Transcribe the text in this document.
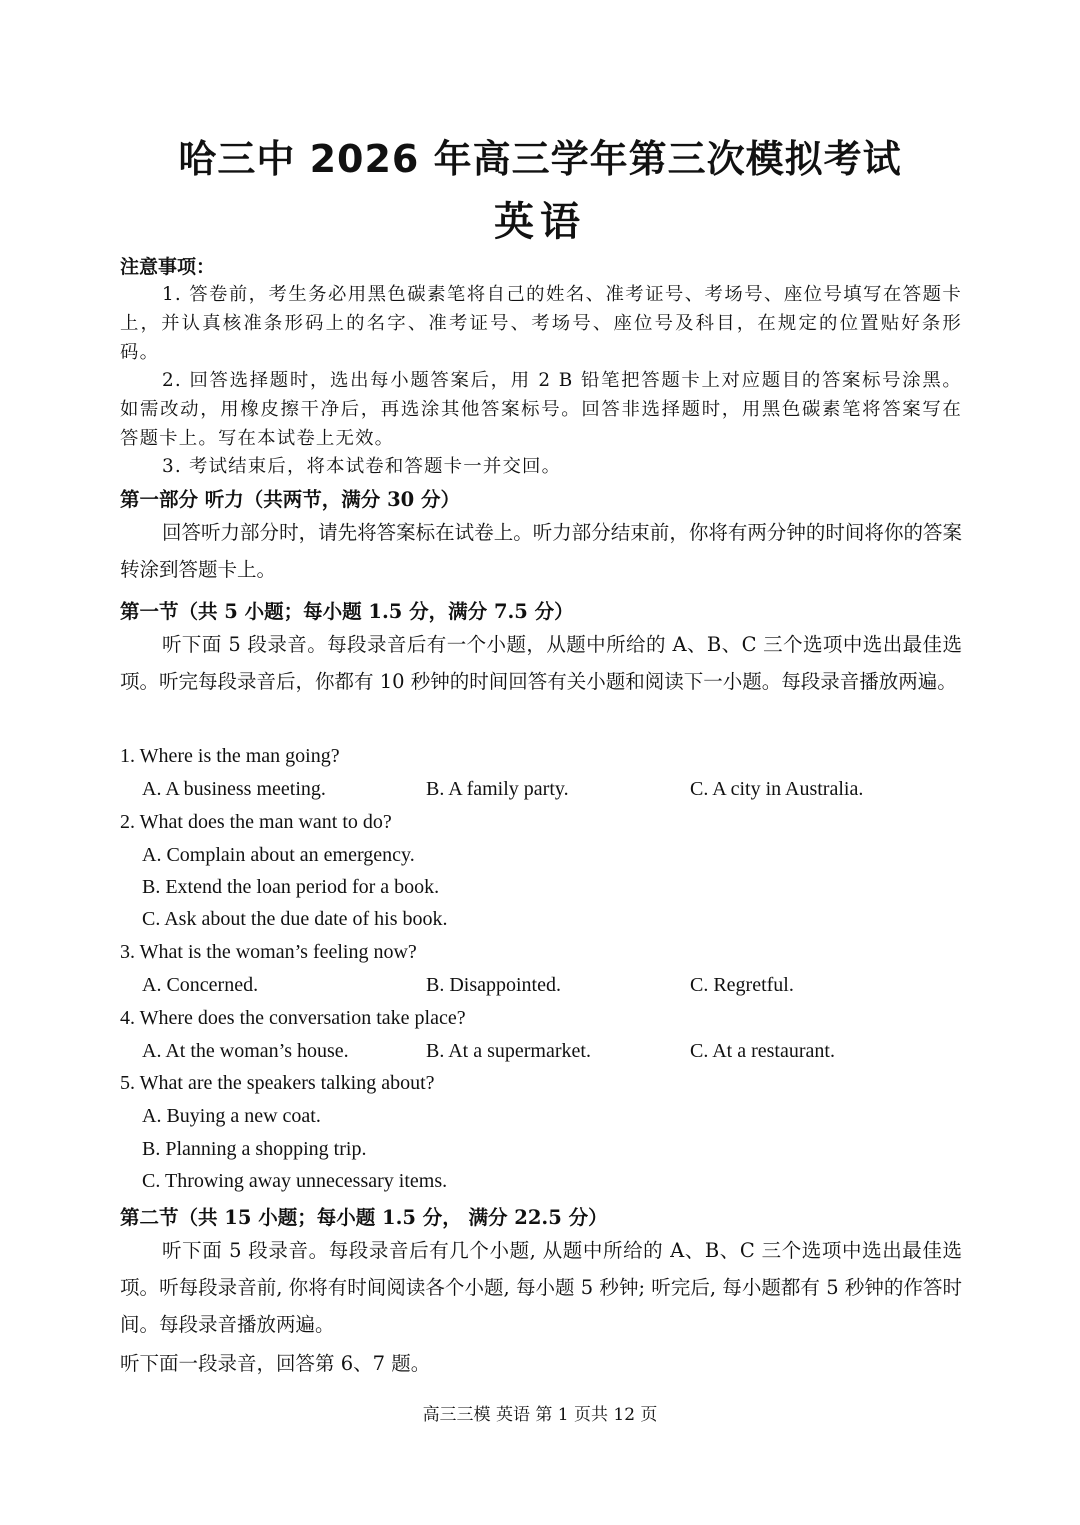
哈三中 2026 年高三学年第三次模拟考试
英语
注意事项：

1. 答卷前，考生务必用黑色碳素笔将自己的姓名、准考证号、考场号、座位号填写在答题卡上，并认真核准条形码上的名字、准考证号、考场号、座位号及科目，在规定的位置贴好条形码。

2. 回答选择题时，选出每小题答案后，用 2 B 铅笔把答题卡上对应题目的答案标号涂黑。如需改动，用橡皮擦干净后，再选涂其他答案标号。回答非选择题时，用黑色碳素笔将答案写在答题卡上。写在本试卷上无效。

3. 考试结束后，将本试卷和答题卡一并交回。

第一部分 听力（共两节，满分 30 分）

回答听力部分时，请先将答案标在试卷上。听力部分结束前，你将有两分钟的时间将你的答案转涂到答题卡上。

第一节（共 5 小题；每小题 1.5 分，满分 7.5 分）

听下面 5 段录音。每段录音后有一个小题，从题中所给的 A、B、C 三个选项中选出最佳选项。听完每段录音后，你都有 10 秒钟的时间回答有关小题和阅读下一小题。每段录音播放两遍。

1. Where is the man going?
A. A business meeting.	B. A family party.	C. A city in Australia.
2. What does the man want to do?
A. Complain about an emergency.
B. Extend the loan period for a book.
C. Ask about the due date of his book.
3. What is the woman’s feeling now?
A. Concerned.	B. Disappointed.	C. Regretful.
4. Where does the conversation take place?
A. At the woman’s house.	B. At a supermarket.	C. At a restaurant.
5. What are the speakers talking about?
A. Buying a new coat.
B. Planning a shopping trip.
C. Throwing away unnecessary items.
第二节（共 15 小题；每小题 1.5 分， 满分 22.5 分）

听下面 5 段录音。每段录音后有几个小题, 从题中所给的 A、B、C 三个选项中选出最佳选项。听每段录音前, 你将有时间阅读各个小题, 每小题 5 秒钟; 听完后, 每小题都有 5 秒钟的作答时间。每段录音播放两遍。

听下面一段录音，回答第 6、7 题。
高三三模 英语 第 1 页共 12 页
